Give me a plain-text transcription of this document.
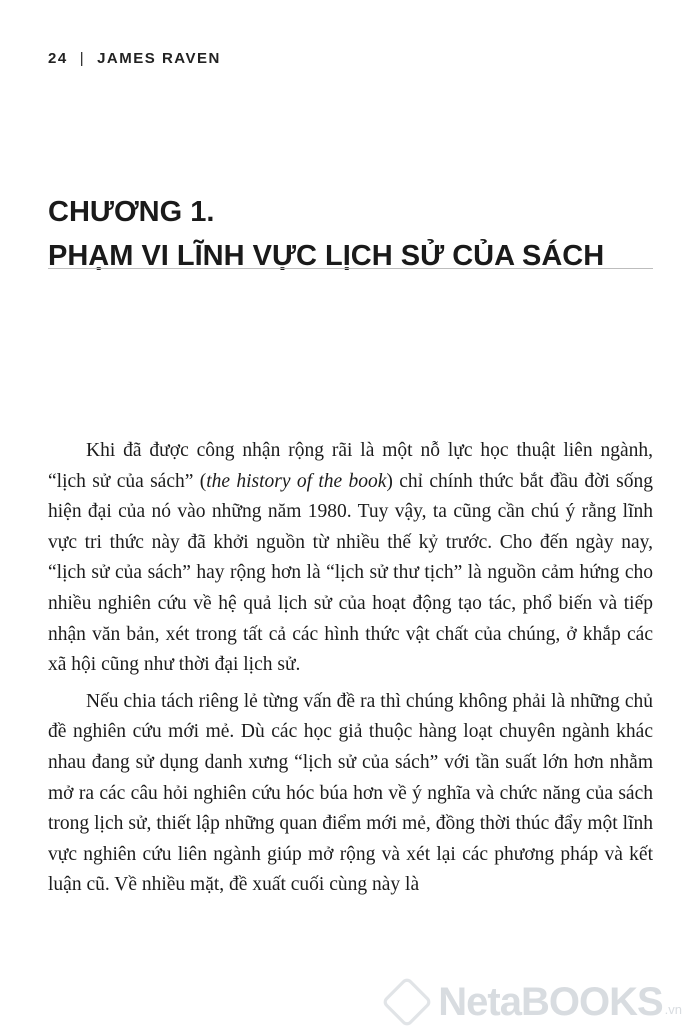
24 | JAMES RAVEN
CHƯƠNG 1.
PHẠM VI LĨNH VỰC LỊCH SỬ CỦA SÁCH

Khi đã được công nhận rộng rãi là một nỗ lực học thuật liên ngành, “lịch sử của sách” (the history of the book) chỉ chính thức bắt đầu đời sống hiện đại của nó vào những năm 1980. Tuy vậy, ta cũng cần chú ý rằng lĩnh vực tri thức này đã khởi nguồn từ nhiều thế kỷ trước. Cho đến ngày nay, “lịch sử của sách” hay rộng hơn là “lịch sử thư tịch” là nguồn cảm hứng cho nhiều nghiên cứu về hệ quả lịch sử của hoạt động tạo tác, phổ biến và tiếp nhận văn bản, xét trong tất cả các hình thức vật chất của chúng, ở khắp các xã hội cũng như thời đại lịch sử.

Nếu chia tách riêng lẻ từng vấn đề ra thì chúng không phải là những chủ đề nghiên cứu mới mẻ. Dù các học giả thuộc hàng loạt chuyên ngành khác nhau đang sử dụng danh xưng “lịch sử của sách” với tần suất lớn hơn nhằm mở ra các câu hỏi nghiên cứu hóc búa hơn về ý nghĩa và chức năng của sách trong lịch sử, thiết lập những quan điểm mới mẻ, đồng thời thúc đẩy một lĩnh vực nghiên cứu liên ngành giúp mở rộng và xét lại các phương pháp và kết luận cũ. Về nhiều mặt, đề xuất cuối cùng này là

NetaBOOKS .vn
